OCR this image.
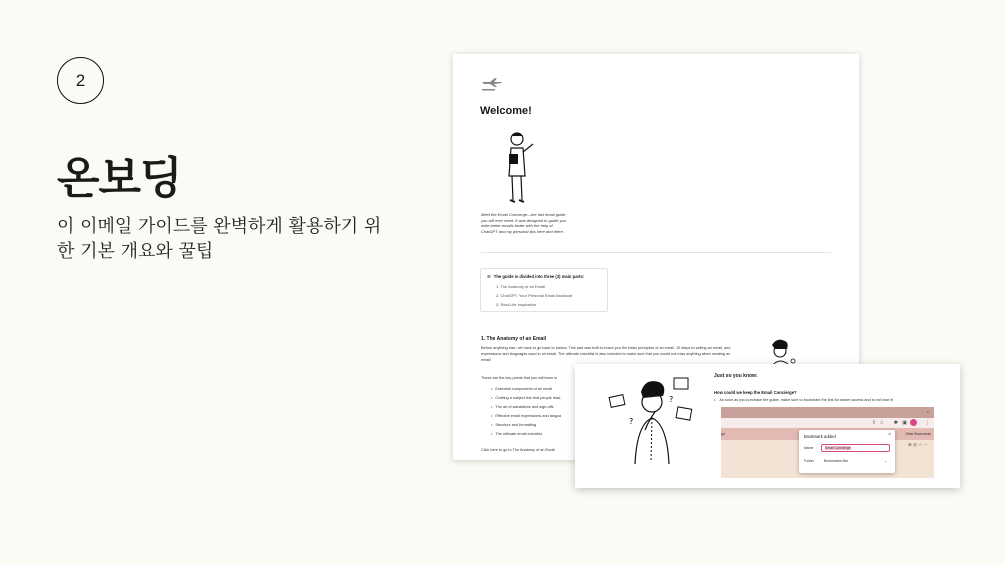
2
온보딩
이 이메일 가이드를 완벽하게 활용하기 위한 기본 개요와 꿀팁
Welcome!
Meet the Email Concierge—the last email guide you will ever need. It was designed to guide you write better emails faster with the help of ChatGPT and my personal tips here and there.
☰ The guide is divided into three (3) main parts:
1. The Anatomy of an Email
2. ChatGPT: Your Personal Email Assistant
3. Real-Life Inspiration
1. The Anatomy of an Email
Before anything else, we have to go back to basics. This part was built to teach you the basic principles of an email, 10 steps to writing an email, and expressions and languages used in an email. The ultimate checklist is also included to make sure that you would not miss anything when sending an email!
These are the key points that you will learn in
• Essential components of an email
• Crafting a subject line that people read
• The art of salutations and sign-offs
• Effective email expressions and langua
• Structure and formatting
• The ultimate email checklist
Click here to go to The Anatomy of an Email
?
?
Just so you know:
How could we keep the Email Concierge?
• As soon as you purchase the guide, make sure to bookmark the link for easier access and to not lose it!
⌄
⇧ ☆ ✱ ▣	⋮
gn	Other Bookmarks
⊕ ◎ ☆ ⋯
Bookmark added	×
Name	Email Concierge
Folder	Bookmarks Bar	⌄
